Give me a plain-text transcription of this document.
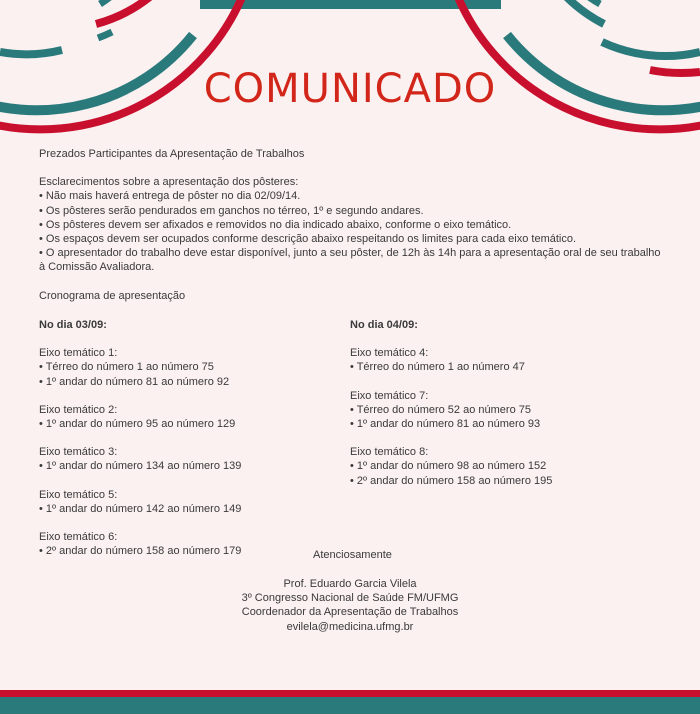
COMUNICADO

Prezados Participantes da Apresentação de Trabalhos

Esclarecimentos sobre a apresentação dos pôsteres:

• Não mais haverá entrega de pôster no dia 02/09/14.

• Os pôsteres serão pendurados em ganchos no térreo, 1º e segundo andares.

• Os pôsteres devem ser afixados e removidos no dia indicado abaixo, conforme o eixo temático.

• Os espaços devem ser ocupados conforme descrição abaixo respeitando os limites para cada eixo temático.

• O apresentador do trabalho deve estar disponível, junto a seu pôster, de 12h às 14h para a apresentação oral de seu trabalho

à Comissão Avaliadora.

Cronograma de apresentação

No dia 03/09:

Eixo temático 1:

• Térreo do número 1 ao número 75

• 1º andar do número 81 ao número 92

Eixo temático 2:

• 1º andar do número 95 ao número 129

Eixo temático 3:

• 1º andar do número 134 ao número 139

Eixo temático 5:

• 1º andar do número 142 ao número 149

Eixo temático 6:

• 2º andar do número 158 ao número 179

No dia 04/09:

Eixo temático 4:

• Térreo do número 1 ao número 47

Eixo temático 7:

• Térreo do número 52 ao número 75

• 1º andar do número 81 ao número 93

Eixo temático 8:

• 1º andar do número 98 ao número 152

• 2º andar do número 158 ao número 195

Atenciosamente
Prof. Eduardo Garcia Vilela
3º Congresso Nacional de Saúde FM/UFMG
Coordenador da Apresentação de Trabalhos
evilela@medicina.ufmg.br
